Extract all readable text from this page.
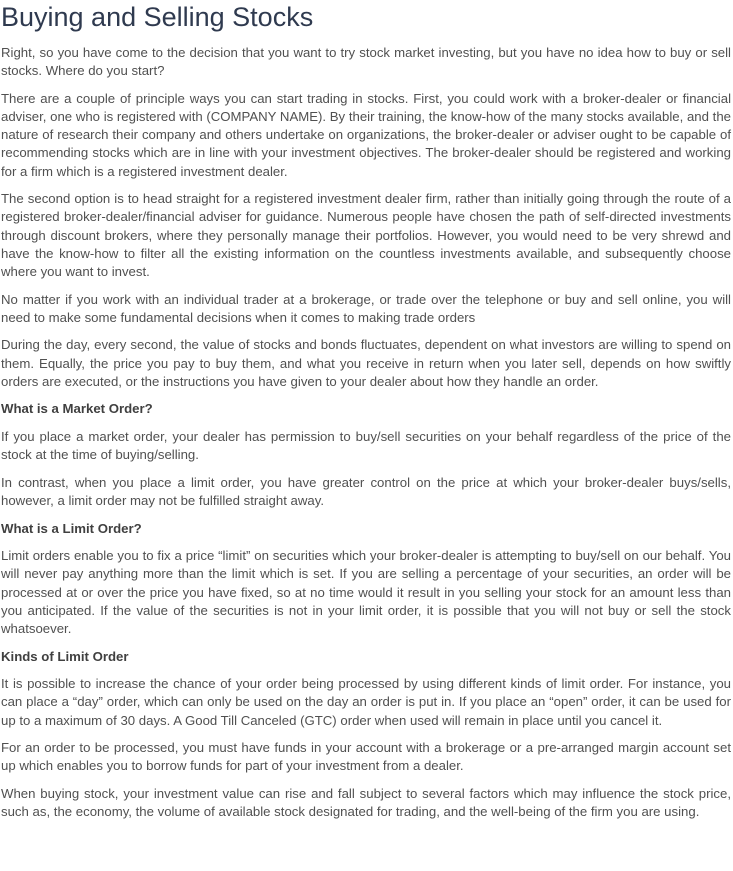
Buying and Selling Stocks

Right, so you have come to the decision that you want to try stock market investing, but you have no idea how to buy or sell stocks. Where do you start?

There are a couple of principle ways you can start trading in stocks. First, you could work with a broker-dealer or financial adviser, one who is registered with (COMPANY NAME). By their training, the know-how of the many stocks available, and the nature of research their company and others undertake on organizations, the broker-dealer or adviser ought to be capable of recommending stocks which are in line with your investment objectives. The broker-dealer should be registered and working for a firm which is a registered investment dealer.

The second option is to head straight for a registered investment dealer firm, rather than initially going through the route of a registered broker-dealer/financial adviser for guidance. Numerous people have chosen the path of self-directed investments through discount brokers, where they personally manage their portfolios. However, you would need to be very shrewd and have the know-how to filter all the existing information on the countless investments available, and subsequently choose where you want to invest.

No matter if you work with an individual trader at a brokerage, or trade over the telephone or buy and sell online, you will need to make some fundamental decisions when it comes to making trade orders

During the day, every second, the value of stocks and bonds fluctuates, dependent on what investors are willing to spend on them. Equally, the price you pay to buy them, and what you receive in return when you later sell, depends on how swiftly orders are executed, or the instructions you have given to your dealer about how they handle an order.

What is a Market Order?

If you place a market order, your dealer has permission to buy/sell securities on your behalf regardless of the price of the stock at the time of buying/selling.

In contrast, when you place a limit order, you have greater control on the price at which your broker-dealer buys/sells, however, a limit order may not be fulfilled straight away.

What is a Limit Order?

Limit orders enable you to fix a price “limit” on securities which your broker-dealer is attempting to buy/sell on our behalf. You will never pay anything more than the limit which is set. If you are selling a percentage of your securities, an order will be processed at or over the price you have fixed, so at no time would it result in you selling your stock for an amount less than you anticipated. If the value of the securities is not in your limit order, it is possible that you will not buy or sell the stock whatsoever.

Kinds of Limit Order

It is possible to increase the chance of your order being processed by using different kinds of limit order. For instance, you can place a “day” order, which can only be used on the day an order is put in. If you place an “open” order, it can be used for up to a maximum of 30 days. A Good Till Canceled (GTC) order when used will remain in place until you cancel it.

For an order to be processed, you must have funds in your account with a brokerage or a pre-arranged margin account set up which enables you to borrow funds for part of your investment from a dealer.

When buying stock, your investment value can rise and fall subject to several factors which may influence the stock price, such as, the economy, the volume of available stock designated for trading, and the well-being of the firm you are using.
